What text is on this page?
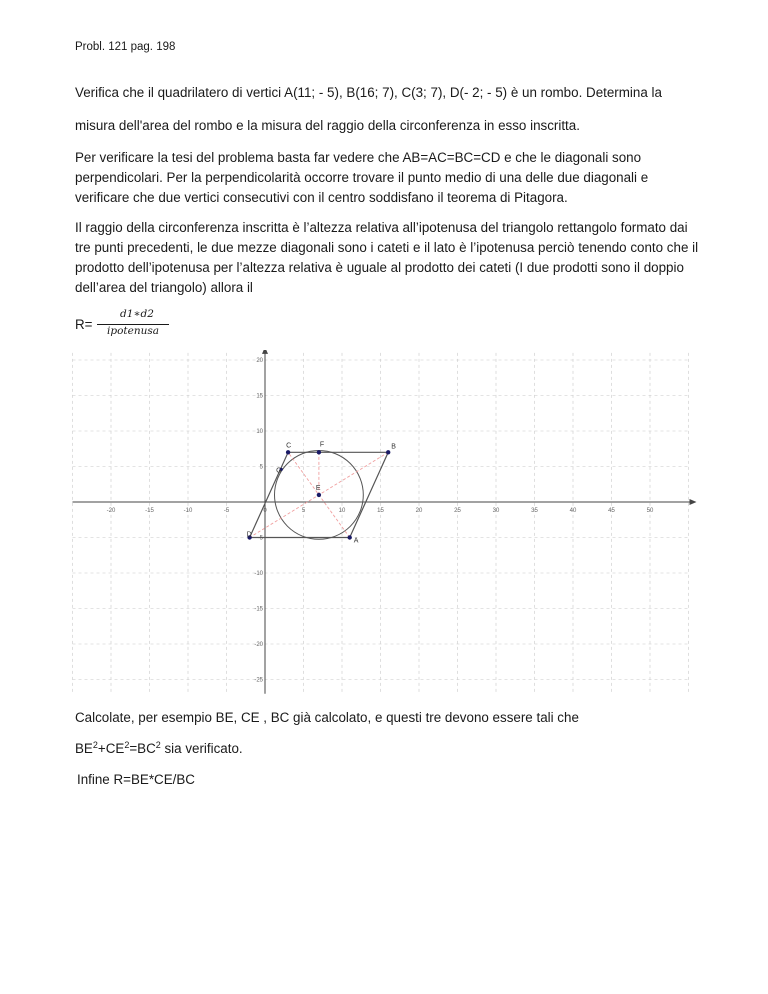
Probl. 121 pag. 198
Verifica che il quadrilatero di vertici A(11; - 5), B(16; 7), C(3; 7), D(- 2; - 5) è un rombo. Determina la
misura dell'area del rombo e la misura del raggio della circonferenza in esso inscritta.
Per verificare la tesi del problema basta far vedere che AB=AC=BC=CD e che le diagonali sono perpendicolari. Per la perpendicolarità occorre trovare il punto medio di una delle due diagonali e verificare che due vertici consecutivi con il centro soddisfano il teorema di Pitagora.
Il raggio della circonferenza inscritta è l’altezza relativa all’ipotenusa del triangolo rettangolo formato dai tre punti precedenti, le due mezze diagonali sono i cateti e il lato è l’ipotenusa perciò tenendo conto che il prodotto dell’ipotenusa per l’altezza relativa è uguale al prodotto dei cateti (I due prodotti sono il doppio dell’area del triangolo) allora il
R=
d1∗d2
ipotenusa
-20	-15	-10	-5	0	5	10	15	20	25	30	35	40	45	50
20
15
10
5
-5
-10
-15
-20
-25
A
B
C
D
E
F
G
Calcolate, per esempio BE, CE , BC già calcolato, e questi tre devono essere tali che
$BE^2+CE^2=BC^2$ sia verificato.
Infine R=BE*CE/BC
